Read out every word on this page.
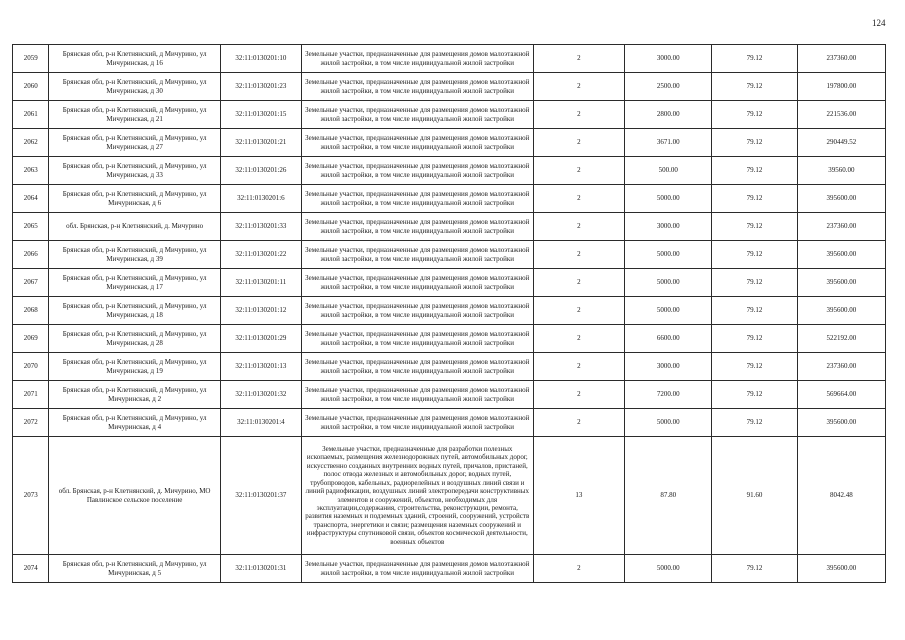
124
2059	Брянская обл, р-н Клетнянский, д Мичурино, ул Мичуринская, д 16	32:11:0130201:10	Земельные участки, предназначенные для размещения домов малоэтажной жилой застройки, в том числе индивидуальной жилой застройки	2	3000.00	79.12	237360.00
2060	Брянская обл, р-н Клетнянский, д Мичурино, ул Мичуринская, д 30	32:11:0130201:23	Земельные участки, предназначенные для размещения домов малоэтажной жилой застройки, в том числе индивидуальной жилой застройки	2	2500.00	79.12	197800.00
2061	Брянская обл, р-н Клетнянский, д Мичурино, ул Мичуринская, д 21	32:11:0130201:15	Земельные участки, предназначенные для размещения домов малоэтажной жилой застройки, в том числе индивидуальной жилой застройки	2	2800.00	79.12	221536.00
2062	Брянская обл, р-н Клетнянский, д Мичурино, ул Мичуринская, д 27	32:11:0130201:21	Земельные участки, предназначенные для размещения домов малоэтажной жилой застройки, в том числе индивидуальной жилой застройки	2	3671.00	79.12	290449.52
2063	Брянская обл, р-н Клетнянский, д Мичурино, ул Мичуринская, д 33	32:11:0130201:26	Земельные участки, предназначенные для размещения домов малоэтажной жилой застройки, в том числе индивидуальной жилой застройки	2	500.00	79.12	39560.00
2064	Брянская обл, р-н Клетнянский, д Мичурино, ул Мичуринская, д 6	32:11:0130201:6	Земельные участки, предназначенные для размещения домов малоэтажной жилой застройки, в том числе индивидуальной жилой застройки	2	5000.00	79.12	395600.00
2065	обл. Брянская, р-н Клетнянский, д. Мичурино	32:11:0130201:33	Земельные участки, предназначенные для размещения домов малоэтажной жилой застройки, в том числе индивидуальной жилой застройки	2	3000.00	79.12	237360.00
2066	Брянская обл, р-н Клетнянский, д Мичурино, ул Мичуринская, д 39	32:11:0130201:22	Земельные участки, предназначенные для размещения домов малоэтажной жилой застройки, в том числе индивидуальной жилой застройки	2	5000.00	79.12	395600.00
2067	Брянская обл, р-н Клетнянский, д Мичурино, ул Мичуринская, д 17	32:11:0130201:11	Земельные участки, предназначенные для размещения домов малоэтажной жилой застройки, в том числе индивидуальной жилой застройки	2	5000.00	79.12	395600.00
2068	Брянская обл, р-н Клетнянский, д Мичурино, ул Мичуринская, д 18	32:11:0130201:12	Земельные участки, предназначенные для размещения домов малоэтажной жилой застройки, в том числе индивидуальной жилой застройки	2	5000.00	79.12	395600.00
2069	Брянская обл, р-н Клетнянский, д Мичурино, ул Мичуринская, д 28	32:11:0130201:29	Земельные участки, предназначенные для размещения домов малоэтажной жилой застройки, в том числе индивидуальной жилой застройки	2	6600.00	79.12	522192.00
2070	Брянская обл, р-н Клетнянский, д Мичурино, ул Мичуринская, д 19	32:11:0130201:13	Земельные участки, предназначенные для размещения домов малоэтажной жилой застройки, в том числе индивидуальной жилой застройки	2	3000.00	79.12	237360.00
2071	Брянская обл, р-н Клетнянский, д Мичурино, ул Мичуринская, д 2	32:11:0130201:32	Земельные участки, предназначенные для размещения домов малоэтажной жилой застройки, в том числе индивидуальной жилой застройки	2	7200.00	79.12	569664.00
2072	Брянская обл, р-н Клетнянский, д Мичурино, ул Мичуринская, д 4	32:11:0130201:4	Земельные участки, предназначенные для размещения домов малоэтажной жилой застройки, в том числе индивидуальной жилой застройки	2	5000.00	79.12	395600.00
2073	обл. Брянская, р-н Клетнянский, д. Мичурино, МО Павлинское сельское поселение	32:11:0130201:37	Земельные участки, предназначенные для разработки полезных ископаемых, размещения железнодорожных путей, автомобильных дорог, искусственно созданных внутренних водных путей, причалов, пристаней, полос отвода железных и автомобильных дорог, водных путей, трубопроводов, кабельных, радиорелейных и воздушных линий связи и линий радиофикации, воздушных линий электропередачи конструктивных элементов и сооружений, объектов, необходимых для эксплуатации,содержания, строительства, реконструкции, ремонта, развития наземных и подземных зданий, строений, сооружений, устройств транспорта, энергетики и связи; размещения наземных сооружений и инфраструктуры спутниковой связи, объектов космической деятельности, военных объектов	13	87.80	91.60	8042.48
2074	Брянская обл, р-н Клетнянский, д Мичурино, ул Мичуринская, д 5	32:11:0130201:31	Земельные участки, предназначенные для размещения домов малоэтажной жилой застройки, в том числе индивидуальной жилой застройки	2	5000.00	79.12	395600.00
